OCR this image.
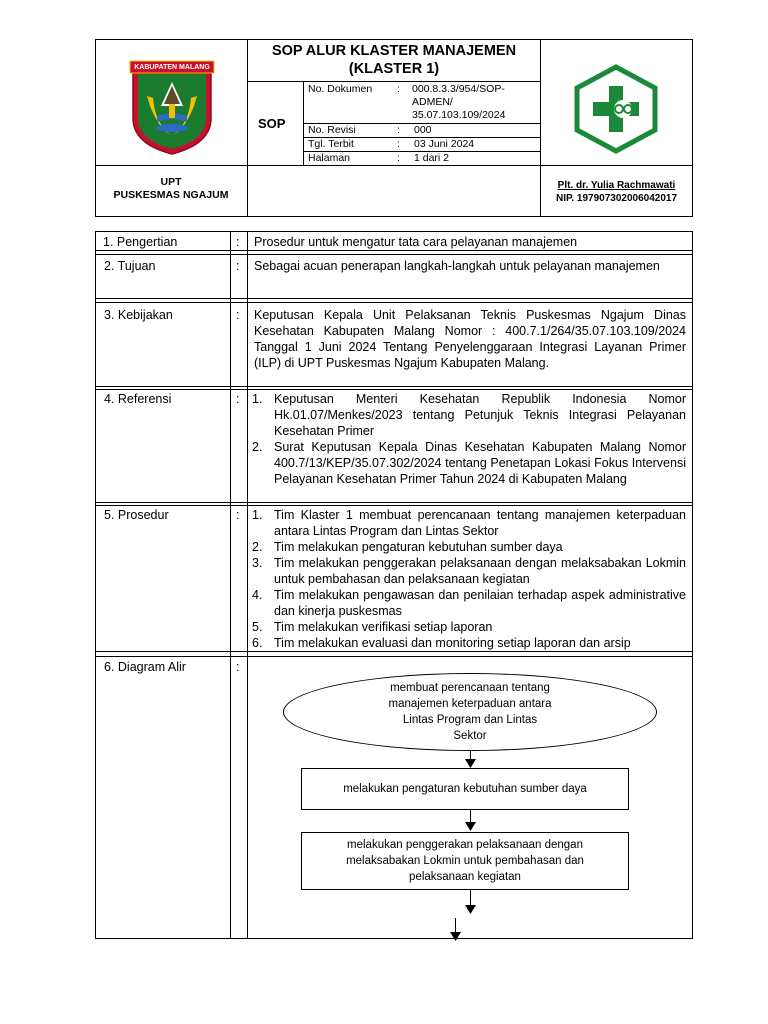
KABUPATEN MALANG
SOP ALUR KLASTER MANAJEMEN
(KLASTER 1)
SOP
No. Dokumen : 000.8.3.3/954/SOP-ADMEN/ 35.07.103.109/2024
No. Revisi	: 000
Tgl. Terbit	: 03 Juni 2024
Halaman	: 1 dari 2
UPT
PUSKESMAS NGAJUM
Plt. dr. Yulia Rachmawati
NIP. 197907302006042017
1. Pengertian	: Prosedur untuk mengatur tata cara pelayanan manajemen
2. Tujuan	: Sebagai acuan penerapan langkah-langkah untuk pelayanan manajemen
3. Kebijakan	: Keputusan Kepala Unit Pelaksanan Teknis Puskesmas Ngajum Dinas Kesehatan Kabupaten Malang Nomor : 400.7.1/264/35.07.103.109/2024 Tanggal 1 Juni 2024 Tentang Penyelenggaraan Integrasi Layanan Primer (ILP) di UPT Puskesmas Ngajum Kabupaten Malang.
4. Referensi	: 1. Keputusan Menteri Kesehatan Republik Indonesia Nomor Hk.01.07/Menkes/2023 tentang Petunjuk Teknis Integrasi Pelayanan Kesehatan Primer
2. Surat Keputusan Kepala Dinas Kesehatan Kabupaten Malang Nomor 400.7/13/KEP/35.07.302/2024 tentang Penetapan Lokasi Fokus Intervensi Pelayanan Kesehatan Primer Tahun 2024 di Kabupaten Malang
5. Prosedur	: 1. Tim Klaster 1 membuat perencanaan tentang manajemen keterpaduan antara Lintas Program dan Lintas Sektor
2. Tim melakukan pengaturan kebutuhan sumber daya
3. Tim melakukan penggerakan pelaksanaan dengan melaksabakan Lokmin untuk pembahasan dan pelaksanaan kegiatan
4. Tim melakukan pengawasan dan penilaian terhadap aspek administrative dan kinerja puskesmas
5. Tim melakukan verifikasi setiap laporan
6. Tim melakukan evaluasi dan monitoring setiap laporan dan arsip
6. Diagram Alir	:
membuat perencanaan tentang manajemen keterpaduan antara Lintas Program dan Lintas Sektor
melakukan pengaturan kebutuhan sumber daya
melakukan penggerakan pelaksanaan dengan melaksabakan Lokmin untuk pembahasan dan pelaksanaan kegiatan
